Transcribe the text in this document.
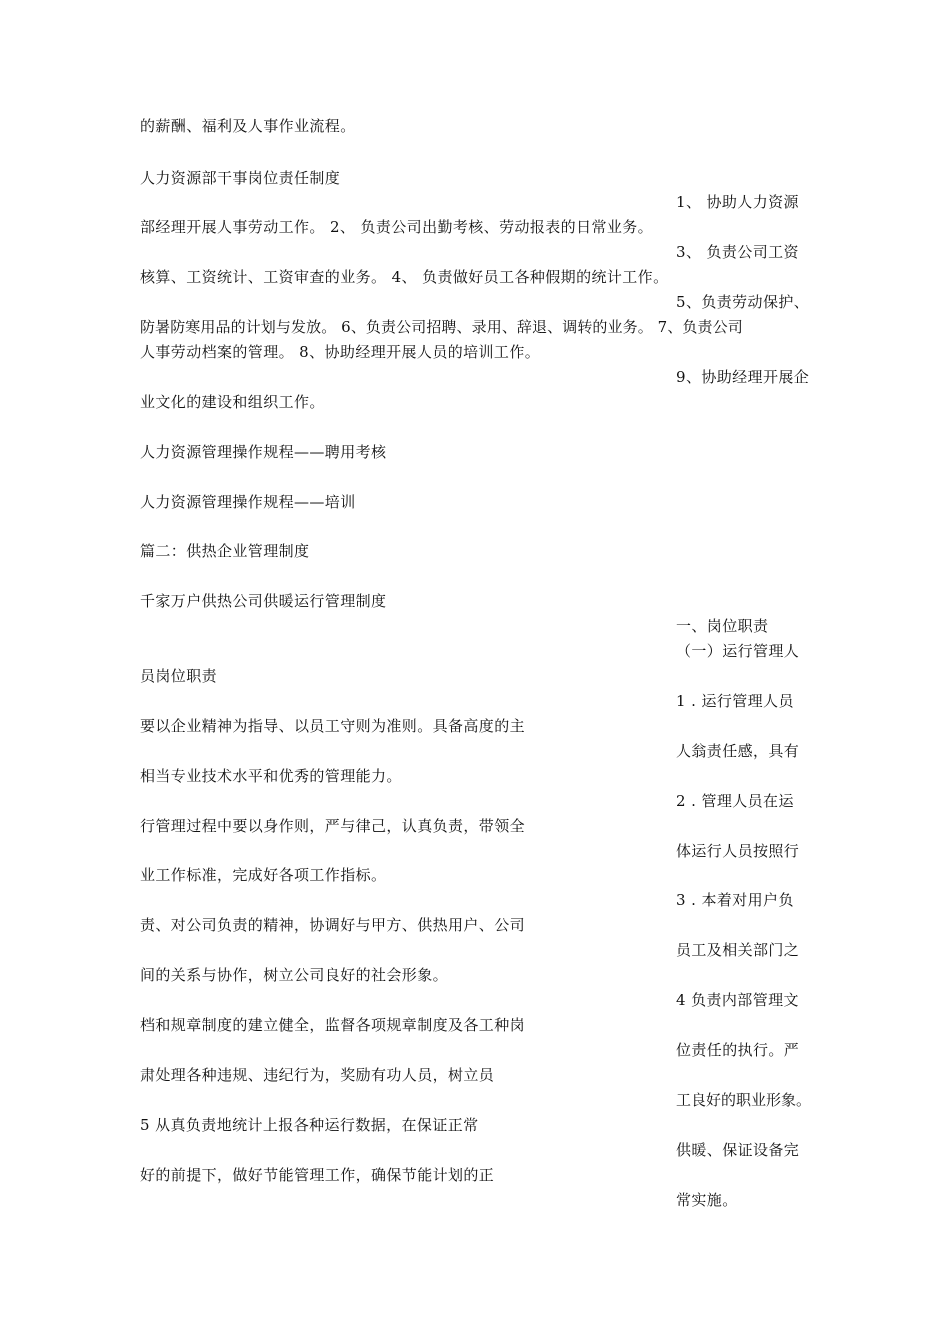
的薪酬、福利及人事作业流程。
人力资源部干事岗位责任制度
1、 协助人力资源
部经理开展人事劳动工作。 2、 负责公司出勤考核、劳动报表的日常业务。
3、 负责公司工资
核算、工资统计、工资审查的业务。 4、 负责做好员工各种假期的统计工作。
5、负责劳动保护、
防暑防寒用品的计划与发放。 6、负责公司招聘、录用、辞退、调转的业务。 7、负责公司
人事劳动档案的管理。 8、协助经理开展人员的培训工作。
9、协助经理开展企
业文化的建设和组织工作。
人力资源管理操作规程——聘用考核
人力资源管理操作规程——培训
篇二：供热企业管理制度
千家万户供热公司供暖运行管理制度
一、岗位职责
（一）运行管理人
员岗位职责
1 . 运行管理人员
要以企业精神为指导、以员工守则为准则。具备高度的主
人翁责任感，具有
相当专业技术水平和优秀的管理能力。
2 . 管理人员在运
行管理过程中要以身作则，严与律己，认真负责，带领全
体运行人员按照行
业工作标准，完成好各项工作指标。
3 . 本着对用户负
责、对公司负责的精神，协调好与甲方、供热用户、公司
员工及相关部门之
间的关系与协作，树立公司良好的社会形象。
4 负责内部管理文
档和规章制度的建立健全，监督各项规章制度及各工种岗
位责任的执行。严
肃处理各种违规、违纪行为，奖励有功人员，树立员
工良好的职业形象。
5 从真负责地统计上报各种运行数据，在保证正常
供暖、保证设备完
好的前提下，做好节能管理工作，确保节能计划的正
常实施。
